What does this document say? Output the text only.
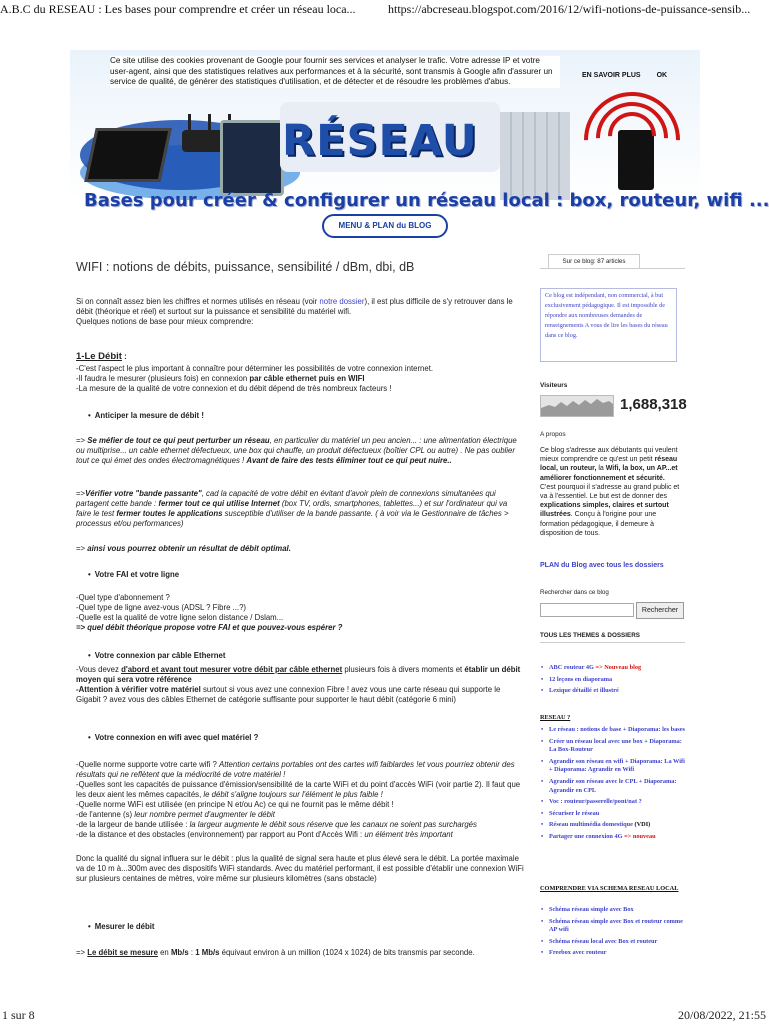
A.B.C du RESEAU : Les bases pour comprendre et créer un réseau loca...	https://abcreseau.blogspot.com/2016/12/wifi-notions-de-puissance-sensib...
RÉSEAU
Bases pour créer & configurer un réseau local : box, routeur, wifi ...
MENU & PLAN du BLOG
Ce site utilise des cookies provenant de Google pour fournir ses services et analyser le trafic. Votre adresse IP et votre user-agent, ainsi que des statistiques relatives aux performances et à la sécurité, sont transmis à Google afin d'assurer un service de qualité, de générer des statistiques d'utilisation, et de détecter et de résoudre les problèmes d'abus.
EN SAVOIR PLUS OK
WIFI : notions de débits, puissance, sensibilité / dBm, dbi, dB

Si on connaît assez bien les chiffres et normes utilisés en réseau (voir notre dossier), il est plus difficile de s'y retrouver dans le débit (théorique et réel) et surtout sur la puissance et sensibilité du matériel wifi.
Quelques notions de base pour mieux comprendre:

1-Le Débit :

-C'est l'aspect le plus important à connaître pour déterminer les possibilités de votre connexion internet.
-Il faudra le mesurer (plusieurs fois) en connexion par câble ethernet puis en WIFI
-La mesure de la qualité de votre connexion et du débit dépend de très nombreux facteurs !

• Anticiper la mesure de débit !

=> Se méfier de tout ce qui peut perturber un réseau, en particulier du matériel un peu ancien... : une alimentation électrique ou multiprise... un cable ethernet défectueux, une box qui chauffe, un produit défectueux (boîtier CPL ou autre) . Ne pas oublier tout ce qui émet des ondes électromagnétiques ! Avant de faire des tests éliminer tout ce qui peut nuire..

=>Vérifier votre "bande passante", cad la capacité de votre débit en évitant d'avoir plein de connexions simultanées qui partagent cette bande : fermer tout ce qui utilise Internet (box TV, ordis, smartphones, tablettes...) et sur l'ordinateur qui va faire le test fermer toutes le applications susceptible d'utiliser de la bande passante. ( à voir via le Gestionnaire de tâches > processus et/ou performances)

=> ainsi vous pourrez obtenir un résultat de débit optimal.

• Votre FAI et votre ligne

-Quel type d'abonnement ?
-Quel type de ligne avez-vous (ADSL ? Fibre ...?)
-Quelle est la qualité de votre ligne selon distance / Dslam...
=> quel débit théorique propose votre FAI et que pouvez-vous espérer ?

• Votre connexion par câble Ethernet

-Vous devez d'abord et avant tout mesurer votre débit par câble ethernet plusieurs fois à divers moments et établir un débit moyen qui sera votre référence
-Attention à vérifier votre matériel surtout si vous avez une connexion Fibre ! avez vous une carte réseau qui supporte le Gigabit ? avez vous des câbles Ethernet de catégorie suffisante pour supporter le haut débit (catégorie 6 mini)

• Votre connexion en wifi avec quel matériel ?

-Quelle norme supporte votre carte wifi ? Attention certains portables ont des cartes wifi faiblardes !et vous pourriez obtenir des résultats qui ne reflètent que la médiocrité de votre matériel !
-Quelles sont les capacités de puissance d'émission/sensibilité de la carte WiFi et du point d'accès WiFi (voir partie 2). Il faut que les deux aient les mêmes capacités, le débit s'aligne toujours sur l'élément le plus faible !
-Quelle norme WiFi est utilisée (en principe N et/ou Ac) ce qui ne fournit pas le même débit !
-de l'antenne (s) leur nombre permet d'augmenter le débit
-de la largeur de bande utilisée : la largeur augmente le débit sous réserve que les canaux ne soient pas surchargés
-de la distance et des obstacles (environnement) par rapport au Pont d'Accès Wifi : un élément très important

Donc la qualité du signal influera sur le débit : plus la qualité de signal sera haute et plus élevé sera le débit. La portée maximale va de 10 m à...300m avec des dispositifs WiFi standards. Avec du matériel performant, il est possible d'établir une connexion WiFi sur plusieurs centaines de mètres, voire même sur plusieurs kilomètres (sans obstacle)

• Mesurer le débit

=> Le débit se mesure en Mb/s : 1 Mb/s équivaut environ à un million (1024 x 1024) de bits transmis par seconde.

Sur ce blog: 87 articles
Ce blog est indépendant, non commercial, à but exclusivement pédagogique. Il est impossible de répondre aux nombreuses demandes de renseignements A vous de lire les bases du réseau dans ce blog.
Visiteurs
1,688,318
A propos
Ce blog s'adresse aux débutants qui veulent mieux comprendre ce qu'est un petit réseau local, un routeur, la Wifi, la box, un AP...et améliorer fonctionnement et sécurité. C'est pourquoi il s'adresse au grand public et va à l'essentiel. Le but est de donner des explications simples, claires et surtout illustrées. Conçu à l'origine pour une formation pédagogique, il demeure à disposition de tous.
PLAN du Blog avec tous les dossiers
Rechercher dans ce blog
Rechercher
TOUS LES THEMES & DOSSIERS
• ABC routeur 4G => Nouveau blog
• 12 leçons en diaporama
• Lexique détaillé et illustré
RESEAU ?
• Le réseau : notions de base + Diaporama: les bases
• Créer un réseau local avec une box + Diaporama: La Box-Routeur
• Agrandir son réseau en wifi + Diaporama: La Wifi + Diaporama: Agrandir en Wifi
• Agrandir son réseau avec le CPL + Diaporama: Agrandir en CPL
• Voc : routeur/passerelle/pont/nat ?
• Sécuriser le réseau
• Réseau multimédia domestique (VDI)
• Partager une connexion 4G => nouveau
COMPRENDRE VIA SCHEMA RESEAU LOCAL
• Schéma réseau simple avec Box
• Schéma réseau simple avec Box et routeur comme AP wifi
• Schéma réseau local avec Box et routeur
• Freebox avec routeur
1 sur 8	20/08/2022, 21:55
